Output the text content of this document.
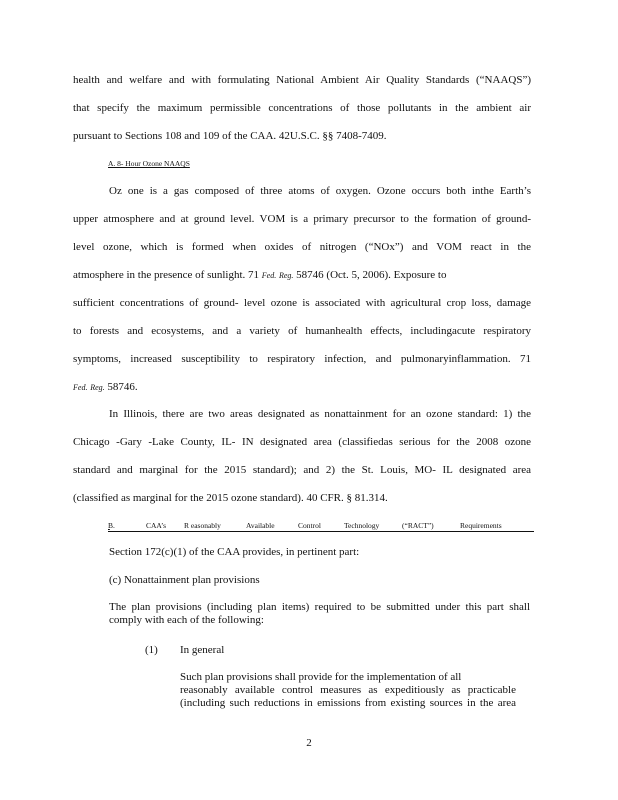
health and welfare and with formulating National Ambient Air Quality Standards (“NAAQS”)
that specify the maximum permissible concentrations of those pollutants in the ambient air
pursuant to Sections 108 and 109 of the CAA. 42U.S.C. §§ 7408-7409.
A. 8- Hour Ozone NAAQS
Oz one is a gas composed of three atoms of oxygen. Ozone occurs both inthe Earth’s
upper atmosphere and at ground level. VOM is a primary precursor to the formation of ground-
level ozone, which is formed when oxides of nitrogen (“NOx”) and VOM react in the
atmosphere in the presence of sunlight. 71 Fed. Reg. 58746 (Oct. 5, 2006). Exposure to
sufficient concentrations of ground- level ozone is associated with agricultural crop loss, damage
to forests and ecosystems, and a variety of humanhealth effects, includingacute respiratory
symptoms, increased susceptibility to respiratory infection, and pulmonaryinflammation. 71
Fed. Reg. 58746.
In Illinois, there are two areas designated as nonattainment for an ozone standard: 1) the
Chicago -Gary -Lake County, IL- IN designated area (classifiedas serious for the 2008 ozone
standard and marginal for the 2015 standard); and 2) the St. Louis, MO- IL designated area
(classified as marginal for the 2015 ozone standard). 40 CFR. § 81.314.
B.	CAA’s R easonably	Available	Control	Technology	(“RACT”)	Requirements

Section 172(c)(1) of the CAA provides, in pertinent part:
(c) Nonattainment plan provisions
The plan provisions (including plan items) required to be submitted under this part shall
comply with each of the following:
(1) In general
Such plan provisions shall provide for the implementation of all
reasonably available control measures as expeditiously as practicable
(including such reductions in emissions from existing sources in the area
2
